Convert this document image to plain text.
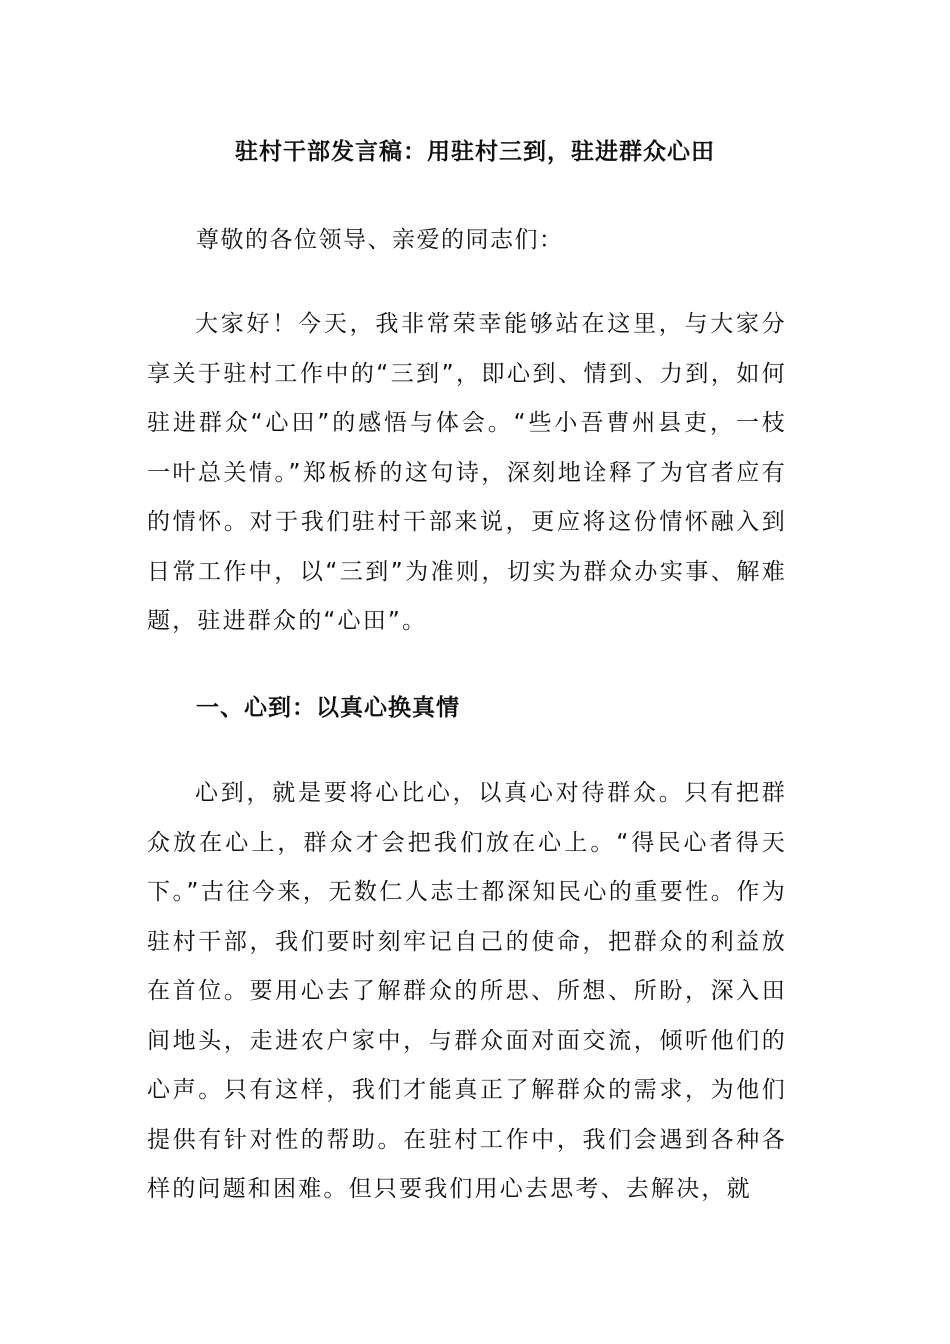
驻村干部发言稿：用驻村三到，驻进群众心田
尊敬的各位领导、亲爱的同志们：

大家好！今天，我非常荣幸能够站在这里，与大家分享关于驻村工作中的“三到”，即心到、情到、力到，如何驻进群众“心田”的感悟与体会。“些小吾曹州县吏，一枝一叶总关情。”郑板桥的这句诗，深刻地诠释了为官者应有的情怀。对于我们驻村干部来说，更应将这份情怀融入到日常工作中，以“三到”为准则，切实为群众办实事、解难题，驻进群众的“心田”。

一、心到：以真心换真情

心到，就是要将心比心，以真心对待群众。只有把群众放在心上，群众才会把我们放在心上。“得民心者得天下。”古往今来，无数仁人志士都深知民心的重要性。作为驻村干部，我们要时刻牢记自己的使命，把群众的利益放在首位。要用心去了解群众的所思、所想、所盼，深入田间地头，走进农户家中，与群众面对面交流，倾听他们的心声。只有这样，我们才能真正了解群众的需求，为他们提供有针对性的帮助。在驻村工作中，我们会遇到各种各样的问题和困难。但只要我们用心去思考、去解决，就
